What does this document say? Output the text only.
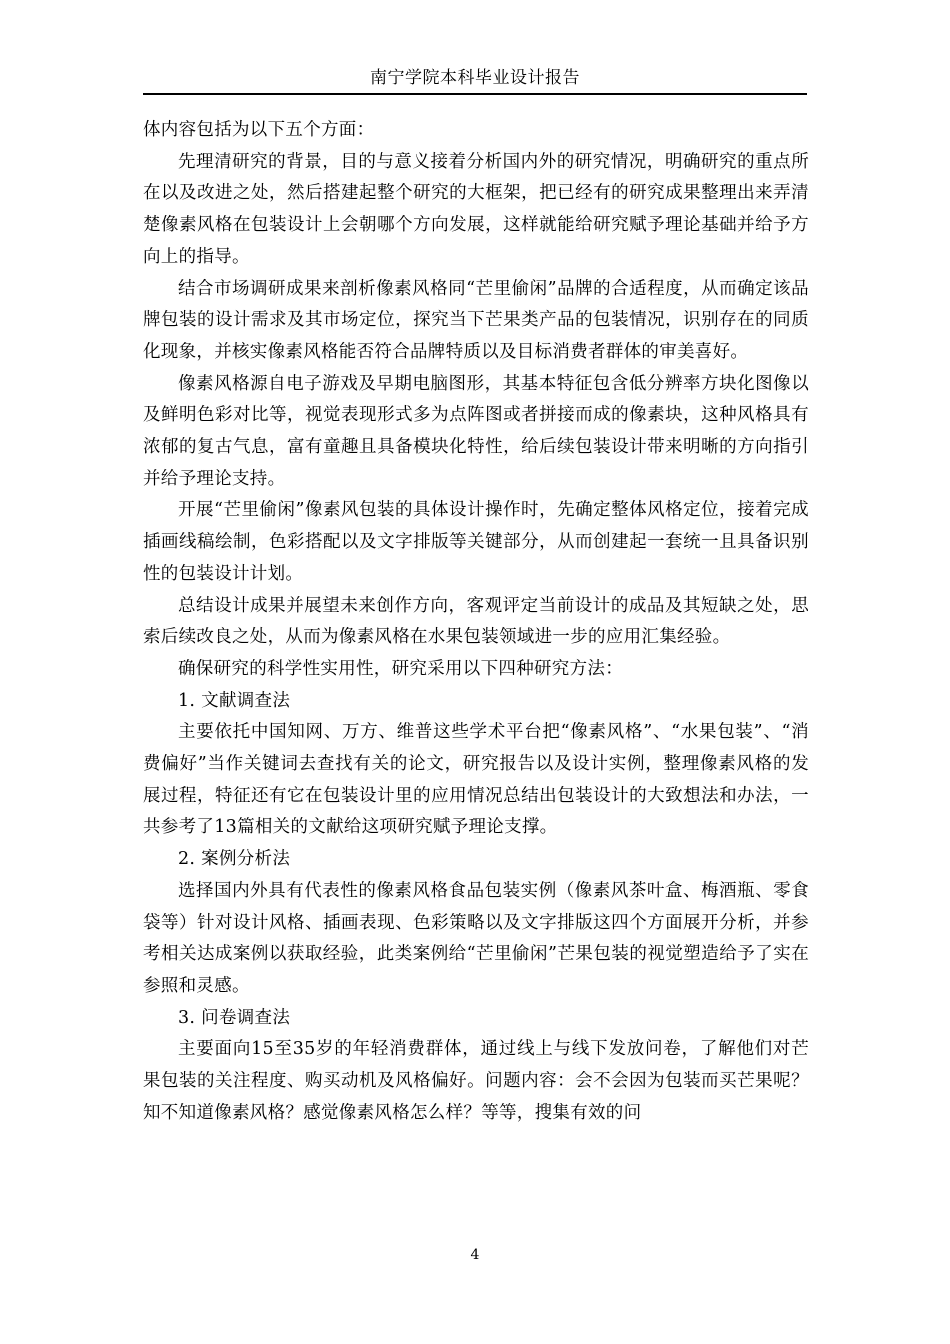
南宁学院本科毕业设计报告

体内容包括为以下五个方面：

先理清研究的背景，目的与意义接着分析国内外的研究情况，明确研究的重点所在以及改进之处，然后搭建起整个研究的大框架，把已经有的研究成果整理出来弄清楚像素风格在包装设计上会朝哪个方向发展，这样就能给研究赋予理论基础并给予方向上的指导。

结合市场调研成果来剖析像素风格同“芒里偷闲”品牌的合适程度，从而确定该品牌包装的设计需求及其市场定位，探究当下芒果类产品的包装情况，识别存在的同质化现象，并核实像素风格能否符合品牌特质以及目标消费者群体的审美喜好。

像素风格源自电子游戏及早期电脑图形，其基本特征包含低分辨率方块化图像以及鲜明色彩对比等，视觉表现形式多为点阵图或者拼接而成的像素块，这种风格具有浓郁的复古气息，富有童趣且具备模块化特性，给后续包装设计带来明晰的方向指引并给予理论支持。

开展“芒里偷闲”像素风包装的具体设计操作时，先确定整体风格定位，接着完成插画线稿绘制，色彩搭配以及文字排版等关键部分，从而创建起一套统一且具备识别性的包装设计计划。

总结设计成果并展望未来创作方向，客观评定当前设计的成品及其短缺之处，思索后续改良之处，从而为像素风格在水果包装领域进一步的应用汇集经验。

确保研究的科学性实用性，研究采用以下四种研究方法：

1. 文献调查法

主要依托中国知网、万方、维普这些学术平台把“像素风格”、“水果包装”、“消费偏好”当作关键词去查找有关的论文，研究报告以及设计实例，整理像素风格的发展过程，特征还有它在包装设计里的应用情况总结出包装设计的大致想法和办法，一共参考了13篇相关的文献给这项研究赋予理论支撑。

2. 案例分析法

选择国内外具有代表性的像素风格食品包装实例（像素风茶叶盒、梅酒瓶、零食袋等）针对设计风格、插画表现、色彩策略以及文字排版这四个方面展开分析，并参考相关达成案例以获取经验，此类案例给“芒里偷闲”芒果包装的视觉塑造给予了实在参照和灵感。

3. 问卷调查法

主要面向15至35岁的年轻消费群体，通过线上与线下发放问卷，了解他们对芒果包装的关注程度、购买动机及风格偏好。问题内容：会不会因为包装而买芒果呢？知不知道像素风格？感觉像素风格怎么样？等等，搜集有效的问

4
